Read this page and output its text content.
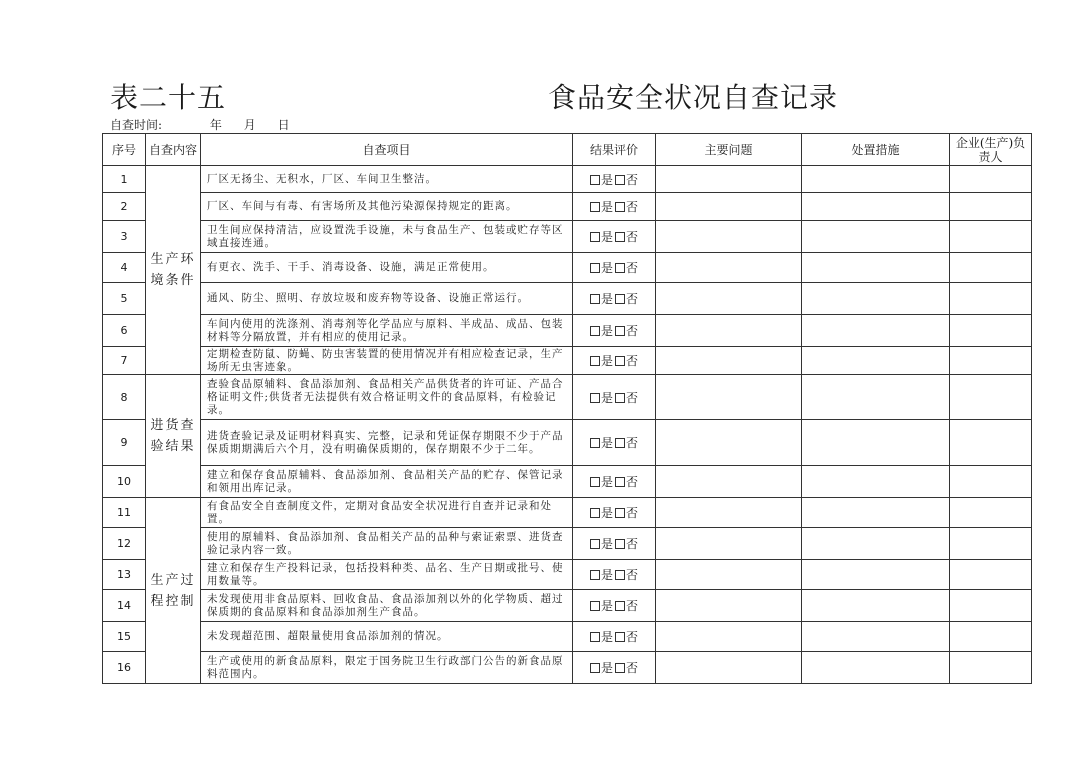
表二十五	食品安全状况自查记录
自查时间:	年 月 日
序号	自查内容	自查项目	结果评价	主要问题	处置措施	企业(生产)负责人
1	生产环境条件	厂区无扬尘、无积水，厂区、车间卫生整洁。	是 否			
2		厂区、车间与有毒、有害场所及其他污染源保持规定的距离。	是 否			
3		卫生间应保持清洁，应设置洗手设施，未与食品生产、包装或贮存等区域直接连通。	是 否			
4		有更衣、洗手、干手、消毒设备、设施，满足正常使用。	是 否			
5		通风、防尘、照明、存放垃圾和废弃物等设备、设施正常运行。	是 否			
6		车间内使用的洗涤剂、消毒剂等化学品应与原料、半成品、成品、包装材料等分隔放置，并有相应的使用记录。	是 否			
7		定期检查防鼠、防蝇、防虫害装置的使用情况并有相应检查记录，生产场所无虫害迹象。	是 否			
8	进货查验结果	查验食品原辅料、食品添加剂、食品相关产品供货者的许可证、产品合格证明文件;供货者无法提供有效合格证明文件的食品原料，有检验记录。	是 否			
9		进货查验记录及证明材料真实、完整，记录和凭证保存期限不少于产品保质期期满后六个月，没有明确保质期的，保存期限不少于二年。	是 否			
10		建立和保存食品原辅料、食品添加剂、食品相关产品的贮存、保管记录和领用出库记录。	是 否			
11	生产过程控制	有食品安全自查制度文件，定期对食品安全状况进行自查并记录和处置。	是 否			
12		使用的原辅料、食品添加剂、食品相关产品的品种与索证索票、进货查验记录内容一致。	是 否			
13		建立和保存生产投料记录，包括投料种类、品名、生产日期或批号、使用数量等。	是 否			
14		未发现使用非食品原料、回收食品、食品添加剂以外的化学物质、超过保质期的食品原料和食品添加剂生产食品。	是 否			
15		未发现超范围、超限量使用食品添加剂的情况。	是 否			
16		生产或使用的新食品原料，限定于国务院卫生行政部门公告的新食品原料范围内。	是 否			
